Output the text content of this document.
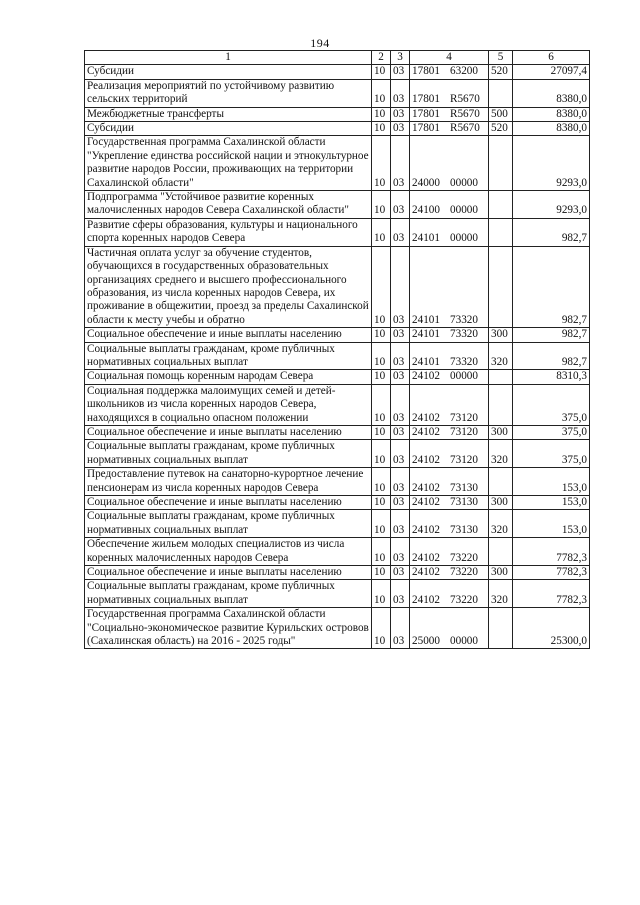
194
1	2	3	4	5	6
Субсидии	10	03	17801 63200	520	27097,4
Реализация мероприятий по устойчивому развитию сельских территорий	10	03	17801 R5670		8380,0
Межбюджетные трансферты	10	03	17801 R5670	500	8380,0
Субсидии	10	03	17801 R5670	520	8380,0
Государственная программа Сахалинской области "Укрепление единства российской нации и этнокультурное развитие народов России, проживающих на территории Сахалинской области"	10	03	24000 00000		9293,0
Подпрограмма "Устойчивое развитие коренных малочисленных народов Севера Сахалинской области"	10	03	24100 00000		9293,0
Развитие сферы образования, культуры и национального спорта коренных народов Севера	10	03	24101 00000		982,7
Частичная оплата услуг за обучение студентов, обучающихся в государственных образовательных организациях среднего и высшего профессионального образования, из числа коренных народов Севера, их проживание в общежитии, проезд за пределы Сахалинской области к месту учебы и обратно	10	03	24101 73320		982,7
Социальное обеспечение и иные выплаты населению	10	03	24101 73320	300	982,7
Социальные выплаты гражданам, кроме публичных нормативных социальных выплат	10	03	24101 73320	320	982,7
Социальная помощь коренным народам Севера	10	03	24102 00000		8310,3
Социальная поддержка малоимущих семей и детей-школьников из числа коренных народов Севера, находящихся в социально опасном положении	10	03	24102 73120		375,0
Социальное обеспечение и иные выплаты населению	10	03	24102 73120	300	375,0
Социальные выплаты гражданам, кроме публичных нормативных социальных выплат	10	03	24102 73120	320	375,0
Предоставление путевок на санаторно-курортное лечение пенсионерам из числа коренных народов Севера	10	03	24102 73130		153,0
Социальное обеспечение и иные выплаты населению	10	03	24102 73130	300	153,0
Социальные выплаты гражданам, кроме публичных нормативных социальных выплат	10	03	24102 73130	320	153,0
Обеспечение жильем молодых специалистов из числа коренных малочисленных народов Севера	10	03	24102 73220		7782,3
Социальное обеспечение и иные выплаты населению	10	03	24102 73220	300	7782,3
Социальные выплаты гражданам, кроме публичных нормативных социальных выплат	10	03	24102 73220	320	7782,3
Государственная программа Сахалинской области "Социально-экономическое развитие Курильских островов (Сахалинская область) на 2016 - 2025 годы"	10	03	25000 00000		25300,0
